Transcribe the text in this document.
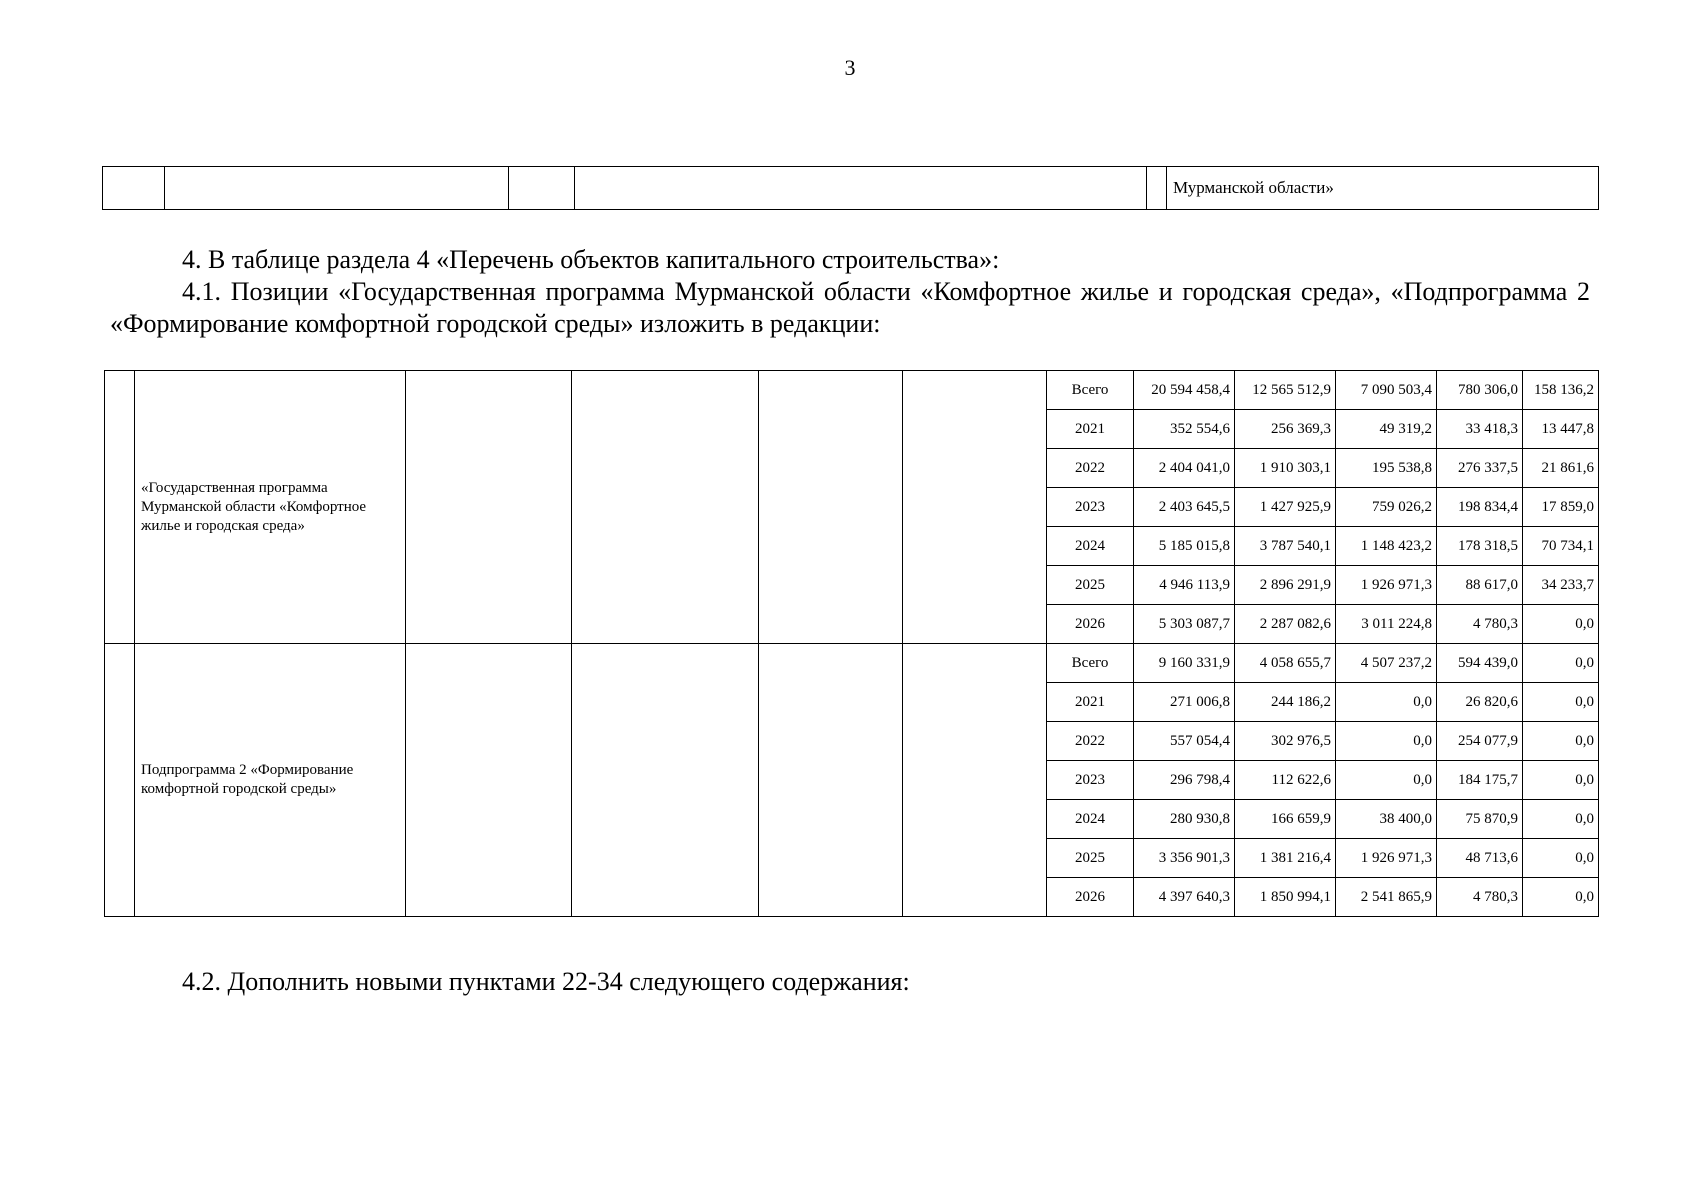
3
					Мурманской области»
4. В таблице раздела 4 «Перечень объектов капитального строительства»:
4.1. Позиции «Государственная программа Мурманской области «Комфортное жилье и городская среда», «Подпрограмма 2 «Формирование комфортной городской среды» изложить в редакции:
	«Государственная программа Мурманской области «Комфортное жилье и городская среда»					Всего	20 594 458,4	12 565 512,9	7 090 503,4	780 306,0	158 136,2
						2021	352 554,6	256 369,3	49 319,2	33 418,3	13 447,8
						2022	2 404 041,0	1 910 303,1	195 538,8	276 337,5	21 861,6
						2023	2 403 645,5	1 427 925,9	759 026,2	198 834,4	17 859,0
						2024	5 185 015,8	3 787 540,1	1 148 423,2	178 318,5	70 734,1
						2025	4 946 113,9	2 896 291,9	1 926 971,3	88 617,0	34 233,7
						2026	5 303 087,7	2 287 082,6	3 011 224,8	4 780,3	0,0
	Подпрограмма 2 «Формирование комфортной городской среды»					Всего	9 160 331,9	4 058 655,7	4 507 237,2	594 439,0	0,0
						2021	271 006,8	244 186,2	0,0	26 820,6	0,0
						2022	557 054,4	302 976,5	0,0	254 077,9	0,0
						2023	296 798,4	112 622,6	0,0	184 175,7	0,0
						2024	280 930,8	166 659,9	38 400,0	75 870,9	0,0
						2025	3 356 901,3	1 381 216,4	1 926 971,3	48 713,6	0,0
						2026	4 397 640,3	1 850 994,1	2 541 865,9	4 780,3	0,0
4.2. Дополнить новыми пунктами 22-34 следующего содержания:
